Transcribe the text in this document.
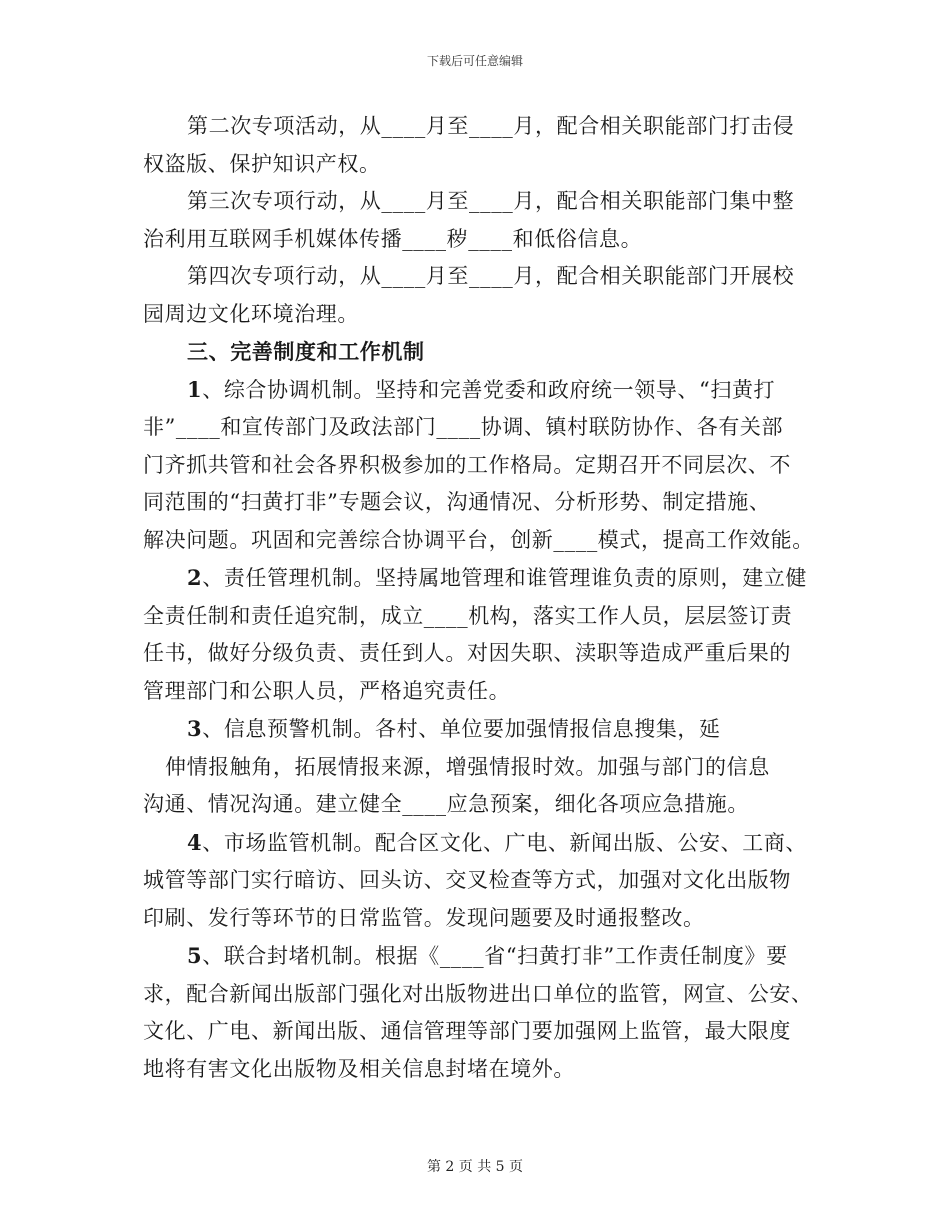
下载后可任意编辑
第二次专项活动，从____月至____月，配合相关职能部门打击侵
权盗版、保护知识产权。
第三次专项行动，从____月至____月，配合相关职能部门集中整
治利用互联网手机媒体传播____秽____和低俗信息。
第四次专项行动，从____月至____月，配合相关职能部门开展校
园周边文化环境治理。
三、完善制度和工作机制
1、综合协调机制。坚持和完善党委和政府统一领导、“扫黄打
非”____和宣传部门及政法部门____协调、镇村联防协作、各有关部
门齐抓共管和社会各界积极参加的工作格局。定期召开不同层次、不
同范围的“扫黄打非”专题会议，沟通情况、分析形势、制定措施、
解决问题。巩固和完善综合协调平台，创新____模式，提高工作效能。
2、责任管理机制。坚持属地管理和谁管理谁负责的原则，建立健
全责任制和责任追究制，成立____机构，落实工作人员，层层签订责
任书，做好分级负责、责任到人。对因失职、渎职等造成严重后果的
管理部门和公职人员，严格追究责任。
3、信息预警机制。各村、单位要加强情报信息搜集，延
伸情报触角，拓展情报来源，增强情报时效。加强与部门的信息
沟通、情况沟通。建立健全____应急预案，细化各项应急措施。
4、市场监管机制。配合区文化、广电、新闻出版、公安、工商、
城管等部门实行暗访、回头访、交叉检查等方式，加强对文化出版物
印刷、发行等环节的日常监管。发现问题要及时通报整改。
5、联合封堵机制。根据《____省“扫黄打非”工作责任制度》要
求，配合新闻出版部门强化对出版物进出口单位的监管，网宣、公安、
文化、广电、新闻出版、通信管理等部门要加强网上监管，最大限度
地将有害文化出版物及相关信息封堵在境外。
第 2 页 共 5 页
